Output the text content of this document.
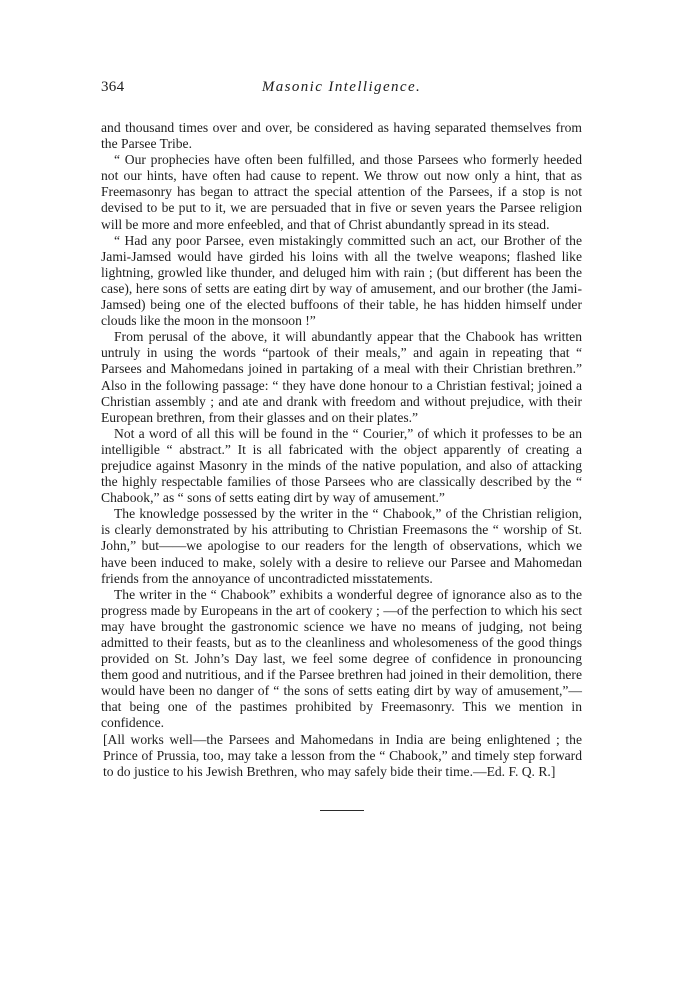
364	Masonic Intelligence.

and thousand times over and over, be considered as having separated themselves from the Parsee Tribe.

“ Our prophecies have often been fulfilled, and those Parsees who formerly heeded not our hints, have often had cause to repent. We throw out now only a hint, that as Freemasonry has began to attract the special attention of the Parsees, if a stop is not devised to be put to it, we are persuaded that in five or seven years the Parsee religion will be more and more enfeebled, and that of Christ abundantly spread in its stead.

“ Had any poor Parsee, even mistakingly committed such an act, our Brother of the Jami-Jamsed would have girded his loins with all the twelve weapons; flashed like lightning, growled like thunder, and deluged him with rain ; (but different has been the case), here sons of setts are eating dirt by way of amusement, and our brother (the Jami-Jamsed) being one of the elected buffoons of their table, he has hidden himself under clouds like the moon in the monsoon !”

From perusal of the above, it will abundantly appear that the Chabook has written untruly in using the words “partook of their meals,” and again in repeating that “ Parsees and Mahomedans joined in partaking of a meal with their Christian brethren.” Also in the following passage: “ they have done honour to a Christian festival; joined a Christian assembly ; and ate and drank with freedom and without prejudice, with their European brethren, from their glasses and on their plates.”

Not a word of all this will be found in the “ Courier,” of which it professes to be an intelligible “ abstract.” It is all fabricated with the object apparently of creating a prejudice against Masonry in the minds of the native population, and also of attacking the highly respectable families of those Parsees who are classically described by the “ Chabook,” as “ sons of setts eating dirt by way of amusement.”

The knowledge possessed by the writer in the “ Chabook,” of the Christian religion, is clearly demonstrated by his attributing to Christian Freemasons the “ worship of St. John,” but——we apologise to our readers for the length of observations, which we have been induced to make, solely with a desire to relieve our Parsee and Mahomedan friends from the annoyance of uncontradicted misstatements.

The writer in the “ Chabook” exhibits a wonderful degree of ignorance also as to the progress made by Europeans in the art of cookery ; —of the perfection to which his sect may have brought the gastronomic science we have no means of judging, not being admitted to their feasts, but as to the cleanliness and wholesomeness of the good things provided on St. John’s Day last, we feel some degree of confidence in pronouncing them good and nutritious, and if the Parsee brethren had joined in their demolition, there would have been no danger of “ the sons of setts eating dirt by way of amusement,”—that being one of the pastimes prohibited by Freemasonry. This we mention in confidence.

[All works well—the Parsees and Mahomedans in India are being enlightened ; the Prince of Prussia, too, may take a lesson from the “ Chabook,” and timely step forward to do justice to his Jewish Brethren, who may safely bide their time.—Ed. F. Q. R.]
